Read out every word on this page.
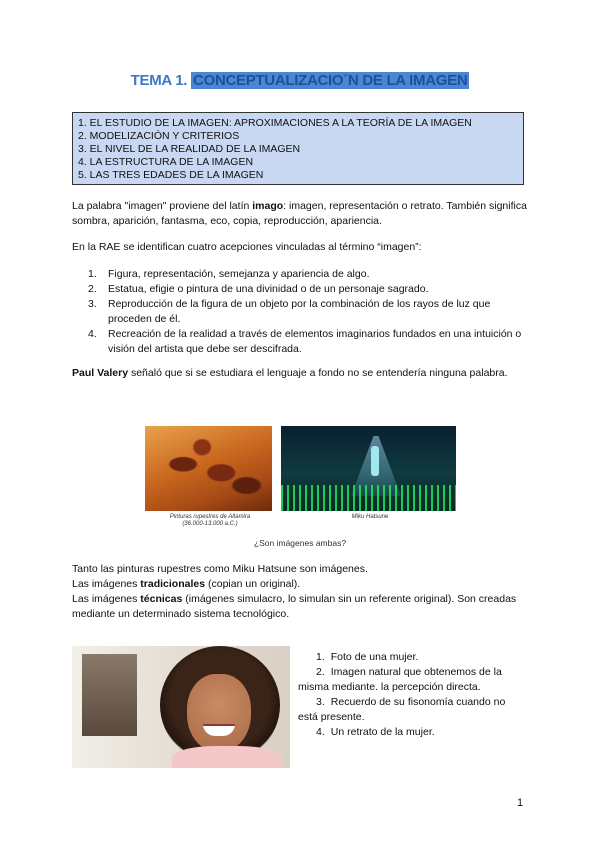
TEMA 1. CONCEPTUALIZACIO´N DE LA IMAGEN
1. EL ESTUDIO DE LA IMAGEN: APROXIMACIONES A LA TEORÍA DE LA IMAGEN
2. MODELIZACIÓN Y CRITERIOS
3. EL NIVEL DE LA REALIDAD DE LA IMAGEN
4. LA ESTRUCTURA DE LA IMAGEN
5. LAS TRES EDADES DE LA IMAGEN
La palabra "imagen" proviene del latín imago: imagen, representación o retrato. También significa sombra, aparición, fantasma, eco, copia, reproducción, apariencia.
En la RAE se identifican cuatro acepciones vinculadas al término “imagen”:
1.	Figura, representación, semejanza y apariencia de algo.
2.	Estatua, efigie o pintura de una divinidad o de un personaje sagrado.
3.	Reproducción de la figura de un objeto por la combinación de los rayos de luz que proceden de él.
4.	Recreación de la realidad a través de elementos imaginarios fundados en una intuición o visión del artista que debe ser descifrada.
Paul Valery señaló que si se estudiara el lenguaje a fondo no se entendería ninguna palabra.
Pinturas rupestres de Altamira
(36.000-13.000 a.C.)
Miku Hatsune
¿Son imágenes ambas?
Tanto las pinturas rupestres como Miku Hatsune son imágenes.
Las imágenes tradicionales (copian un original).
Las imágenes técnicas (imágenes simulacro, lo simulan sin un referente original). Son creadas mediante un determinado sistema tecnológico.
1. Foto de una mujer.
2. Imagen natural que obtenemos de la misma mediante. la percepción directa.
3. Recuerdo de su fisonomía cuando no está presente.
4. Un retrato de la mujer.
1
